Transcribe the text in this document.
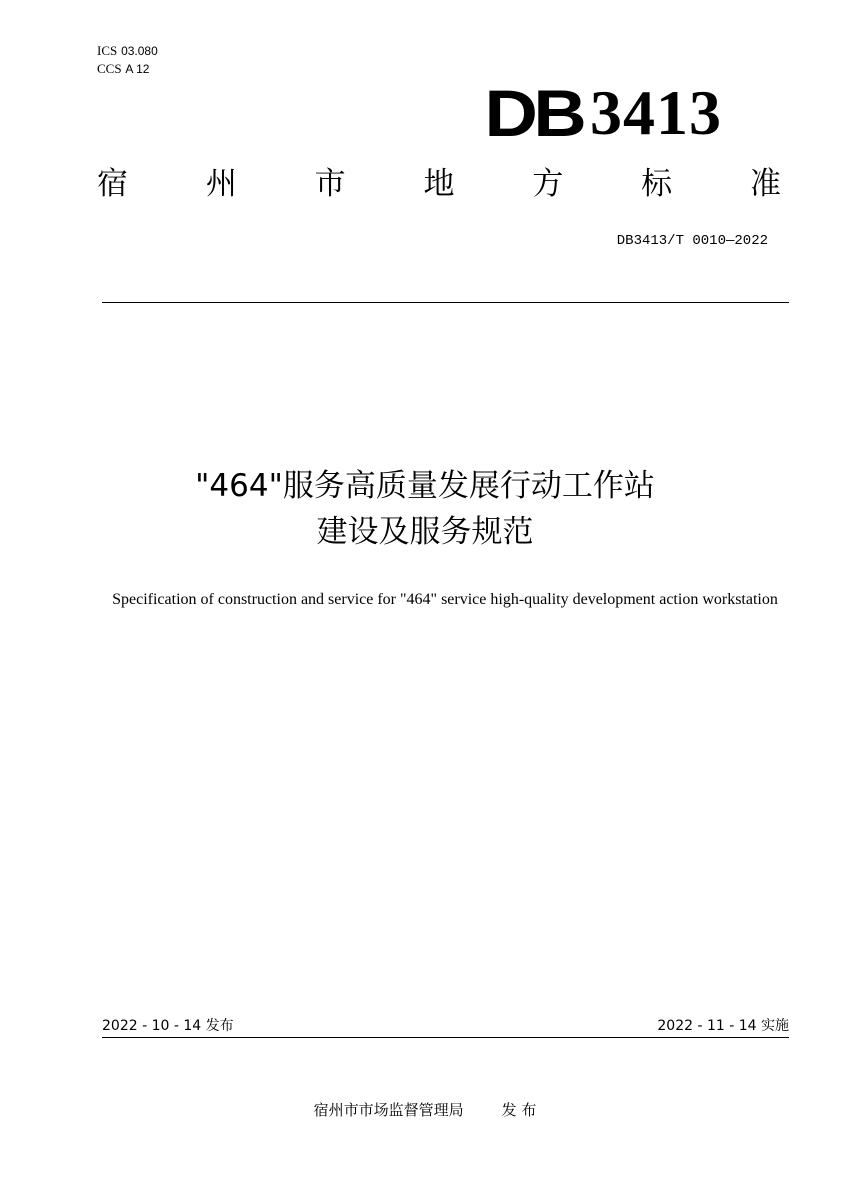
ICS 03.080
CCS A 12
DB 3413
宿	州	市	地	方	标	准
DB3413/T 0010—2022
"464"服务高质量发展行动工作站
建设及服务规范
Specification of construction and service for "464" service high-quality development action workstation
2022 - 10 - 14 发布	2022 - 11 - 14 实施
宿州市市场监督管理局	发 布
